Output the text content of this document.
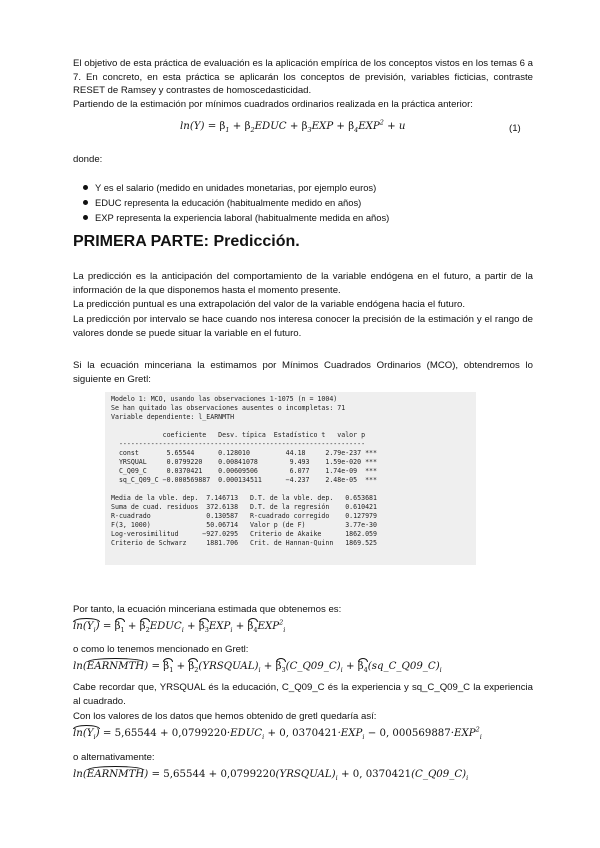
El objetivo de esta práctica de evaluación es la aplicación empírica de los conceptos vistos en los temas 6 a 7. En concreto, en esta práctica se aplicarán los conceptos de previsión, variables ficticias, contraste RESET de Ramsey y contrastes de homoscedasticidad.

Partiendo de la estimación por mínimos cuadrados ordinarios realizada en la práctica anterior:

$\ln(Y) = \beta_1$ + $\beta_2EDUC + \beta_3EXP + \beta_4EXP^2 + u$	(1)

donde:

Y es el salario (medido en unidades monetarias, por ejemplo euros)
EDUC representa la educación (habitualmente medido en años)
EXP representa la experiencia laboral (habitualmente medida en años)
PRIMERA PARTE: Predicción.

La predicción es la anticipación del comportamiento de la variable endógena en el futuro, a partir de la información de la que disponemos hasta el momento presente.

La predicción puntual es una extrapolación del valor de la variable endógena hacia el futuro.

La predicción por intervalo se hace cuando nos interesa conocer la precisión de la estimación y el rango de valores donde se puede situar la variable en el futuro.

Si la ecuación minceriana la estimamos por Mínimos Cuadrados Ordinarios (MCO), obtendremos lo siguiente en Gretl:

Modelo 1: MCO, usando las observaciones 1-1075 (n = 1004)
Se han quitado las observaciones ausentes o incompletas: 71
Variable dependiente: l_EARNMTH
coeficiente   Desv. típica  Estadístico t   valor p
--------------------------------------------------------------
const       5.65544      0.128010         44.18     2.79e-237 ***
YRSQUAL     0.0799220    0.00841078        9.493    1.59e-020 ***
C_Q09_C     0.0370421    0.00609506        6.077    1.74e-09  ***
sq_C_Q09_C −0.000569887  0.000134511      −4.237    2.48e-05  ***
Media de la vble. dep.  7.146713   D.T. de la vble. dep.   0.653681
Suma de cuad. residuos  372.6138   D.T. de la regresión    0.610421
R-cuadrado              0.130587   R-cuadrado corregido    0.127979
F(3, 1000)              50.06714   Valor p (de F)          3.77e-30
Log-verosimilitud      −927.0295   Criterio de Akaike      1862.059
Criterio de Schwarz     1881.706   Crit. de Hannan-Quinn   1869.525

Por tanto, la ecuación minceriana estimada que obtenemos es:

$\ln(Y_i) = \beta_1$ + $\beta_2EDUC_i + \beta_3EXP_i + \beta_4EXP^2_i$

o como lo tenemos mencionado en Gretl:

ln(EARNMTH) = $\beta_1$ + $\beta_2(YRSQUAL)_i$ + $\beta_3(C\_Q09\_C)_i$ + $\beta_4(sq\_C\_Q09\_C)_i$

Cabe recordar que, YRSQUAL és la educación, C_Q09_C és la experiencia y sq_C_Q09_C la experiencia al cuadrado.

Con los valores de los datos que hemos obtenido de gretl quedaría así:

$\ln(Y_i) = 5,65544$ + $0,0799220\cdot EDUC_i + 0$, $0370421\cdot EXP_i - 0$, $000569887\cdot EXP^2_i$

o alternativamente:

ln(EARNMTH) = $5,65544 + 0,0799220(YRSQUAL)_i + 0$, $0370421(C\_Q09\_C)_i$
